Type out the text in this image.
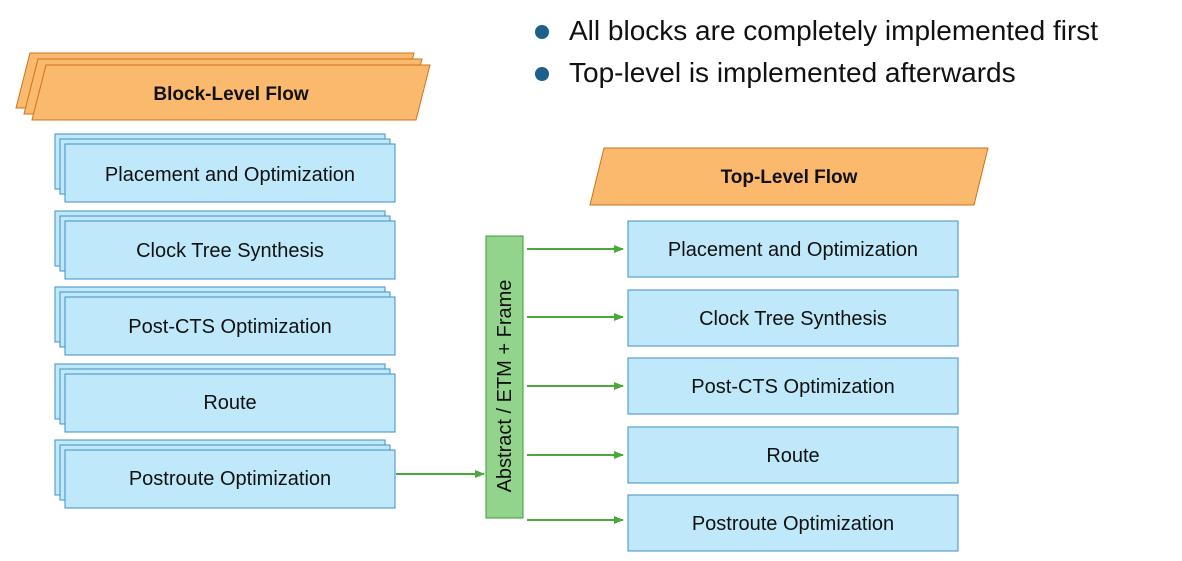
All blocks are completely implemented first
Top-level is implemented afterwards
Block-Level Flow
Placement and Optimization
Clock Tree Synthesis
Post-CTS Optimization
Route
Postroute Optimization	Abstract / ETM + Frame
Top-Level Flow
Placement and Optimization
Clock Tree Synthesis
Post-CTS Optimization
Route
Postroute Optimization
